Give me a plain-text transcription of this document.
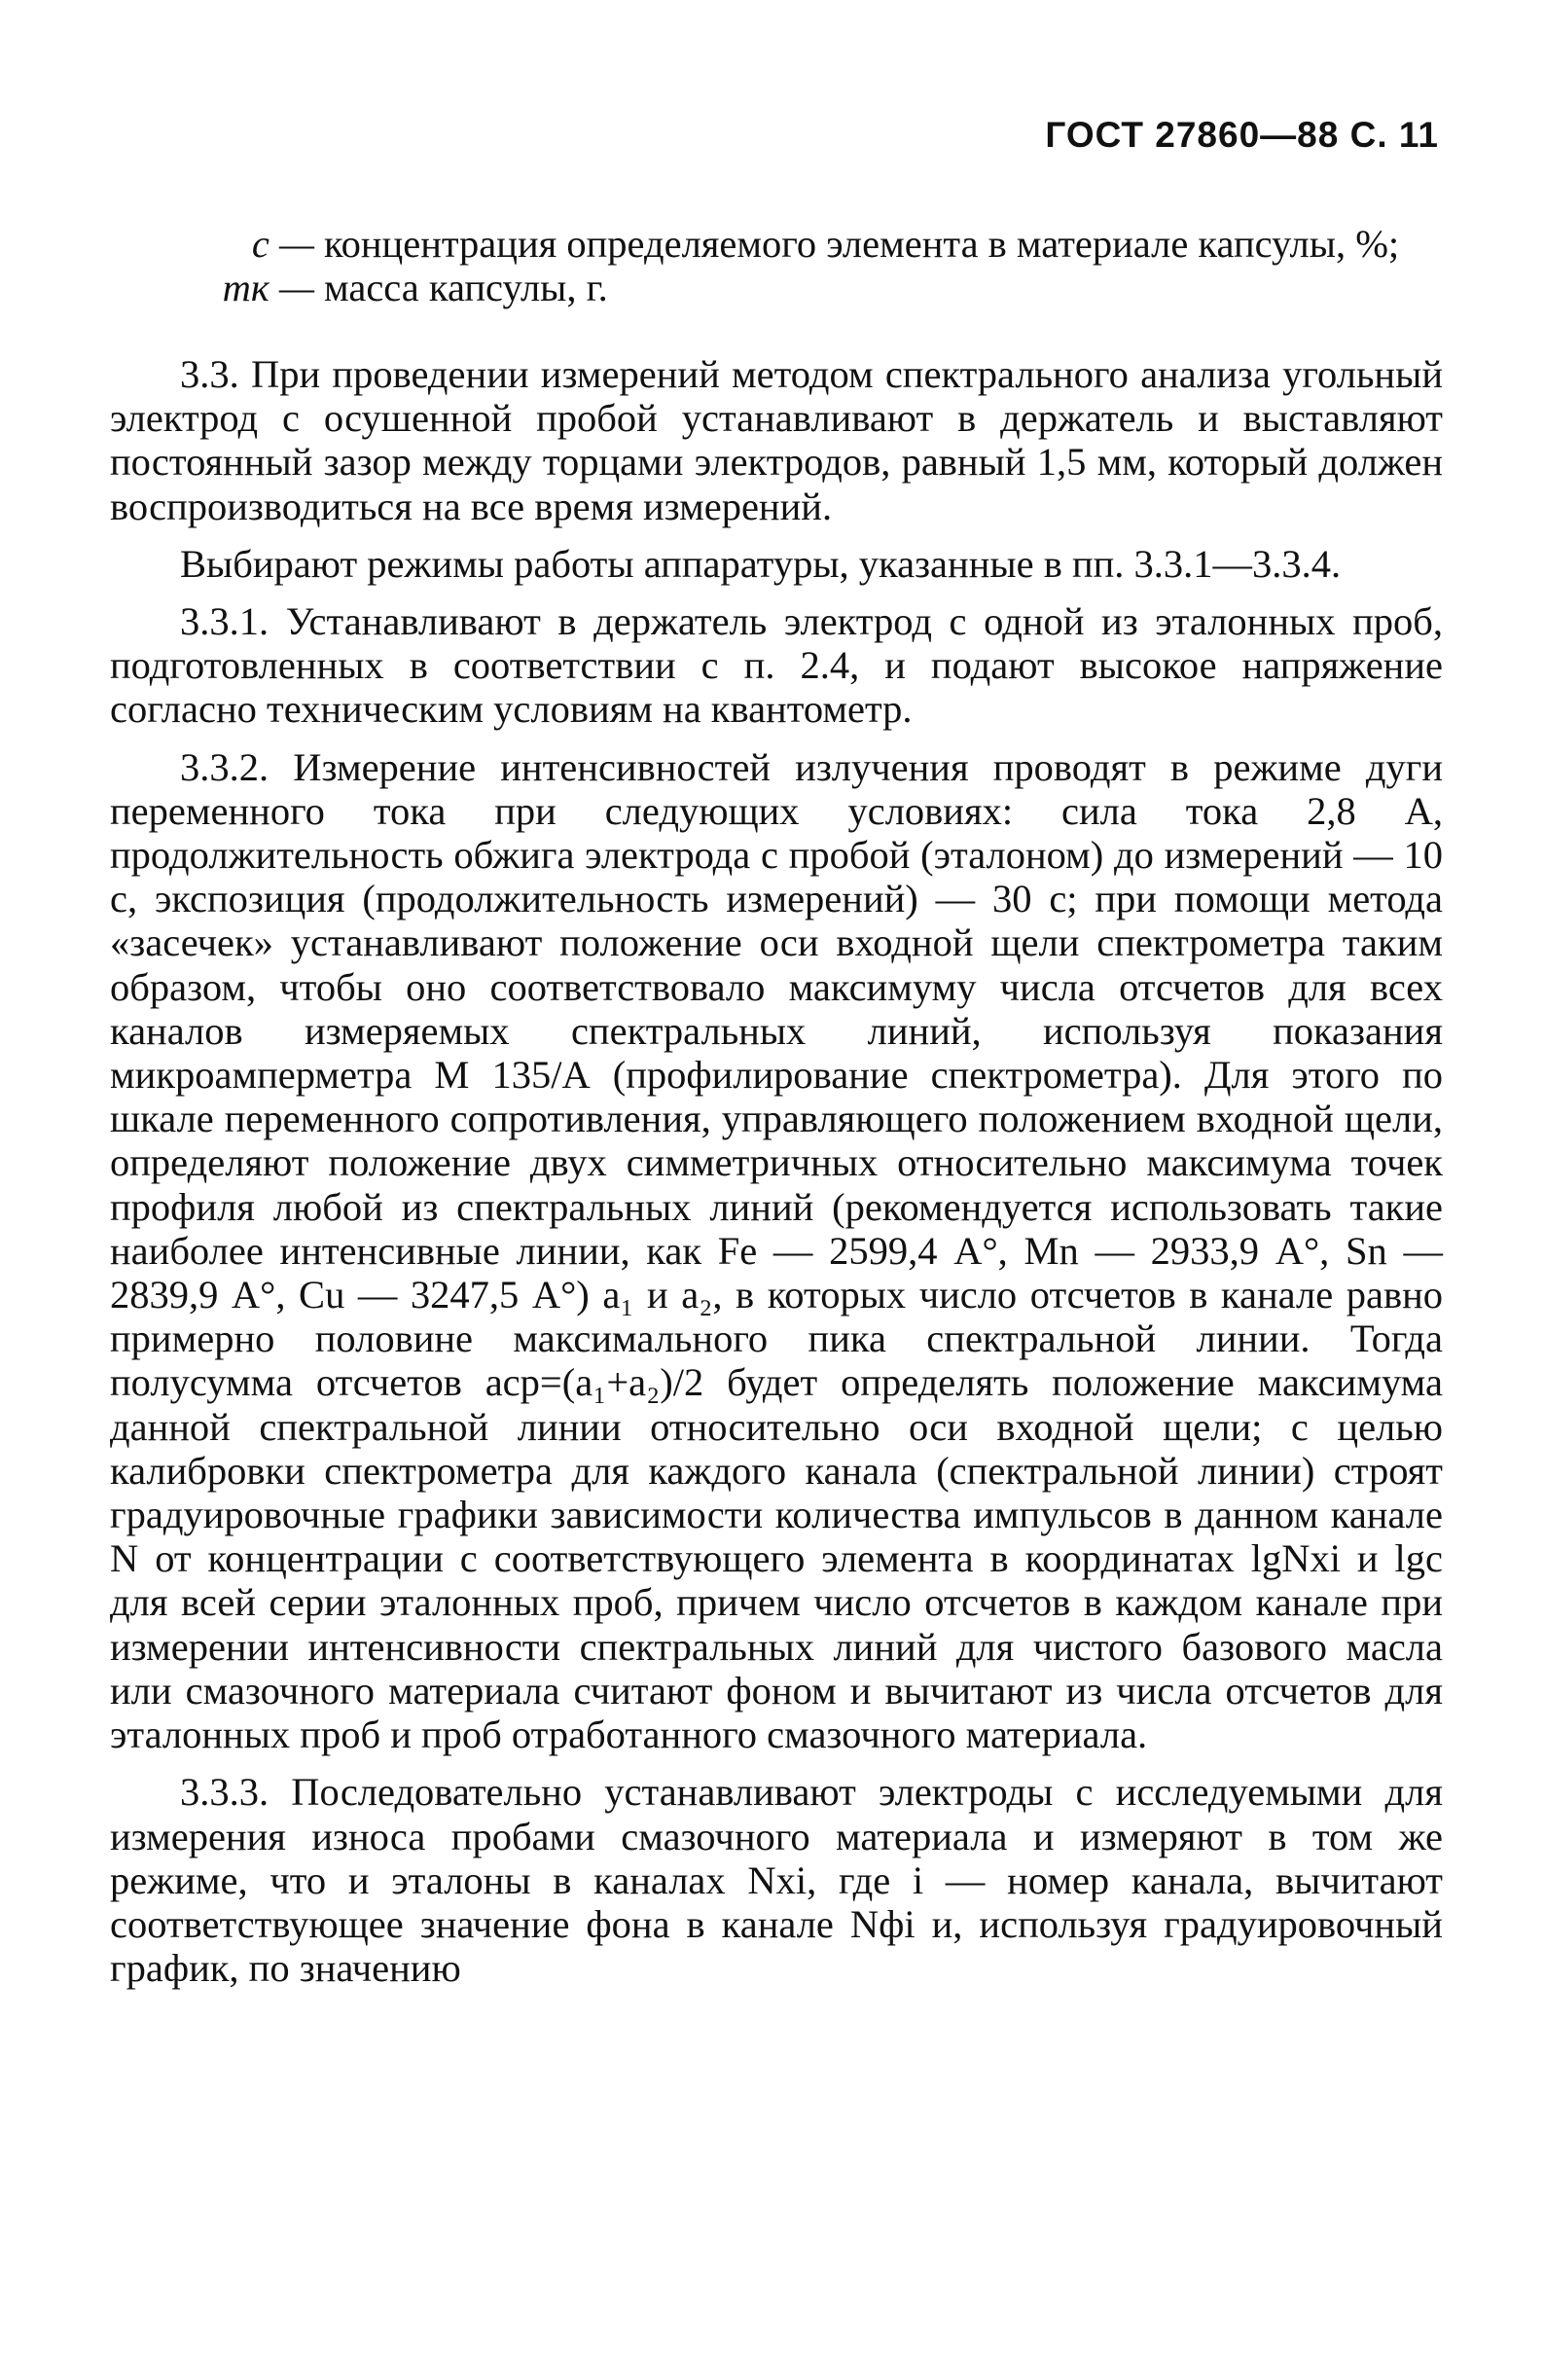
ГОСТ 27860—88 С. 11
c — концентрация определяемого элемента в материале капсулы, %;
mк — масса капсулы, г.

3.3. При проведении измерений методом спектрального анализа угольный электрод с осушенной пробой устанавливают в держатель и выставляют постоянный зазор между торцами электродов, равный 1,5 мм, который должен воспроизводиться на все время измерений.

Выбирают режимы работы аппаратуры, указанные в пп. 3.3.1—3.3.4.

3.3.1. Устанавливают в держатель электрод с одной из эталонных проб, подготовленных в соответствии с п. 2.4, и подают высокое напряжение согласно техническим условиям на квантометр.

3.3.2. Измерение интенсивностей излучения проводят в режиме дуги переменного тока при следующих условиях: сила тока 2,8 А, продолжительность обжига электрода с пробой (эталоном) до измерений — 10 с, экспозиция (продолжительность измерений) — 30 с; при помощи метода «засечек» устанавливают положение оси входной щели спектрометра таким образом, чтобы оно соответствовало максимуму числа отсчетов для всех каналов измеряемых спектральных линий, используя показания микроамперметра М 135/А (профилирование спектрометра). Для этого по шкале переменного сопротивления, управляющего положением входной щели, определяют положение двух симметричных относительно максимума точек профиля любой из спектральных линий (рекомендуется использовать такие наиболее интенсивные линии, как Fe — 2599,4 А°, Mn — 2933,9 А°, Sn — 2839,9 А°, Cu — 3247,5 А°) a₁ и a₂, в которых число отсчетов в канале равно примерно половине максимального пика спектральной линии. Тогда полусумма отсчетов aср=(a₁+a₂)/2 будет определять положение максимума данной спектральной линии относительно оси входной щели; с целью калибровки спектрометра для каждого канала (спектральной линии) строят градуировочные графики зависимости количества импульсов в данном канале N от концентрации c соответствующего элемента в координатах lgNxi и lgc для всей серии эталонных проб, причем число отсчетов в каждом канале при измерении интенсивности спектральных линий для чистого базового масла или смазочного материала считают фоном и вычитают из числа отсчетов для эталонных проб и проб отработанного смазочного материала.

3.3.3. Последовательно устанавливают электроды с исследуемыми для измерения износа пробами смазочного материала и измеряют в том же режиме, что и эталоны в каналах Nxi, где i — номер канала, вычитают соответствующее значение фона в канале Nфi и, используя градуировочный график, по значению
